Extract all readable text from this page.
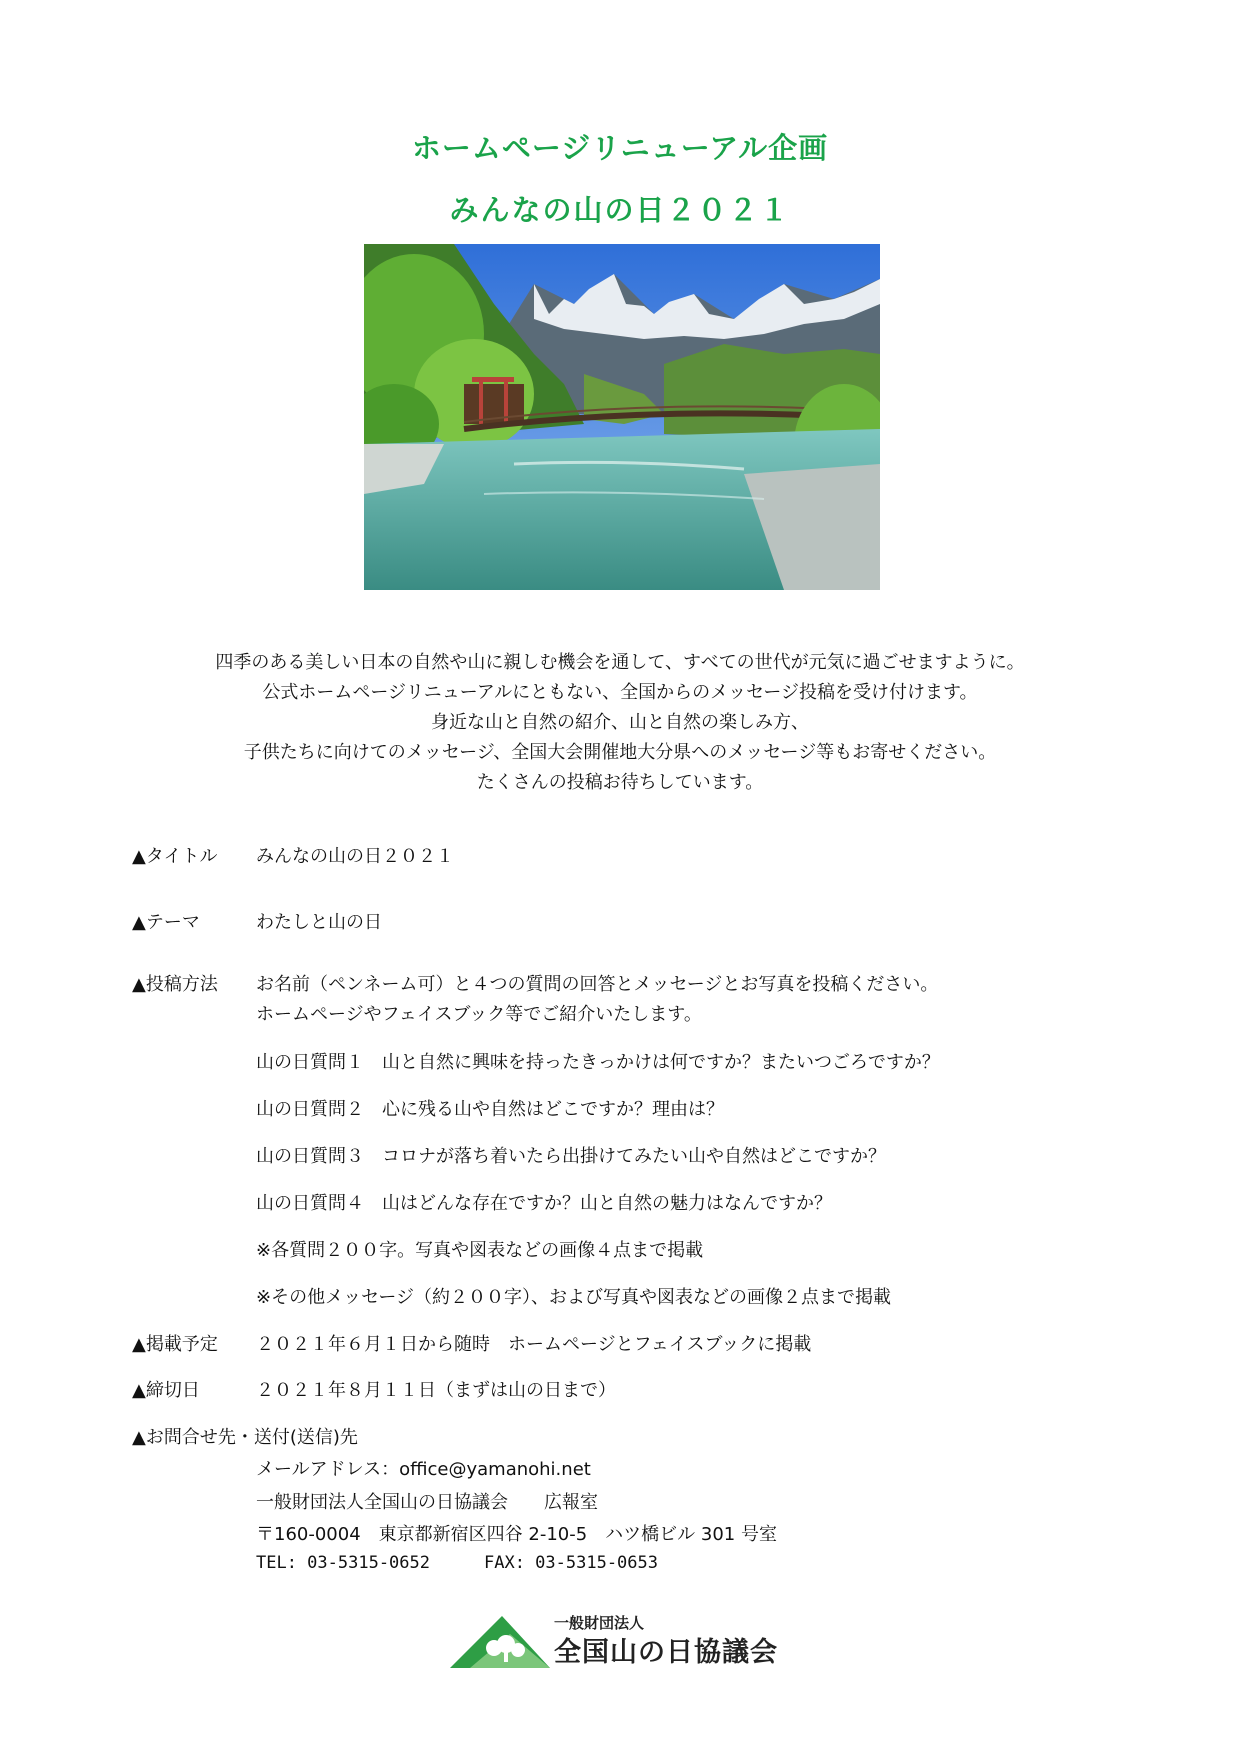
ホームページリニューアル企画
みんなの山の日２０２１
四季のある美しい日本の自然や山に親しむ機会を通して、すべての世代が元気に過ごせますように。
公式ホームページリニューアルにともない、全国からのメッセージ投稿を受け付けます。
身近な山と自然の紹介、山と自然の楽しみ方、
子供たちに向けてのメッセージ、全国大会開催地大分県へのメッセージ等もお寄せください。
たくさんの投稿お待ちしています。
▲タイトル みんなの山の日２０２１
▲テーマ	わたしと山の日
▲投稿方法 お名前（ペンネーム可）と４つの質問の回答とメッセージとお写真を投稿ください。
ホームページやフェイスブック等でご紹介いたします。
山の日質問１　山と自然に興味を持ったきっかけは何ですか？またいつごろですか？
山の日質問２　心に残る山や自然はどこですか？理由は？
山の日質問３　コロナが落ち着いたら出掛けてみたい山や自然はどこですか？
山の日質問４　山はどんな存在ですか？山と自然の魅力はなんですか？
※各質問２００字。写真や図表などの画像４点まで掲載
※その他メッセージ（約２００字）、および写真や図表などの画像２点まで掲載
▲掲載予定 ２０２１年６月１日から随時　ホームページとフェイスブックに掲載
▲締切日	２０２１年８月１１日（まずは山の日まで）
▲お問合せ先・送付(送信)先
メールアドレス：office@yamanohi.net
一般財団法人全国山の日協議会　　広報室
〒160-0004　東京都新宿区四谷 2-10-5　ハツ橋ビル 301 号室
TEL: 03-5315-0652	FAX: 03-5315-0653
一般財団法人
全国山の日協議会
